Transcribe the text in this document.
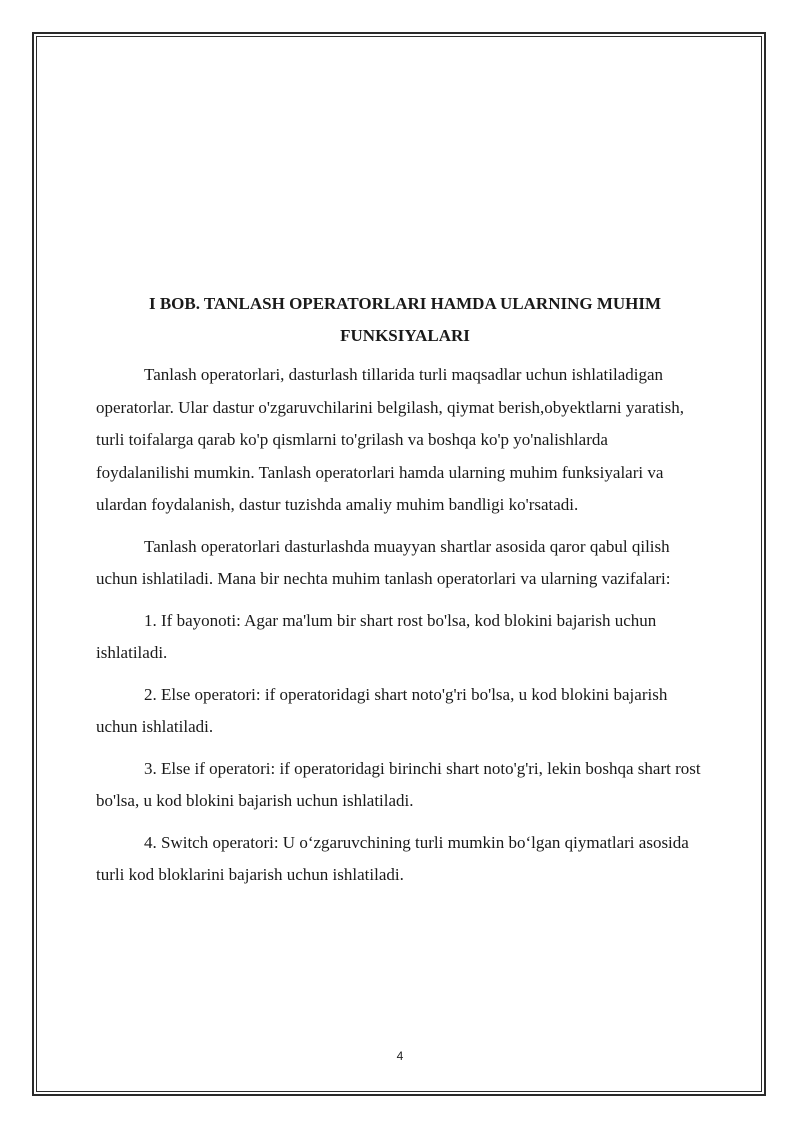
I BOB. TANLASH OPERATORLARI HAMDA ULARNING MUHIM
FUNKSIYALARI

Tanlash operatorlari, dasturlash tillarida turli maqsadlar uchun ishlatiladigan operatorlar. Ular dastur o'zgaruvchilarini belgilash, qiymat berish,obyektlarni yaratish, turli toifalarga qarab ko'p qismlarni to'grilash va boshqa ko'p yo'nalishlarda foydalanilishi mumkin. Tanlash operatorlari hamda ularning muhim funksiyalari va ulardan foydalanish, dastur tuzishda amaliy muhim bandligi ko'rsatadi.

Tanlash operatorlari dasturlashda muayyan shartlar asosida qaror qabul qilish uchun ishlatiladi. Mana bir nechta muhim tanlash operatorlari va ularning vazifalari:

1. If bayonoti: Agar ma'lum bir shart rost bo'lsa, kod blokini bajarish uchun ishlatiladi.

2. Else operatori: if operatoridagi shart noto'g'ri bo'lsa, u kod blokini bajarish uchun ishlatiladi.

3. Else if operatori: if operatoridagi birinchi shart noto'g'ri, lekin boshqa shart rost bo'lsa, u kod blokini bajarish uchun ishlatiladi.

4. Switch operatori: U oʻzgaruvchining turli mumkin boʻlgan qiymatlari asosida turli kod bloklarini bajarish uchun ishlatiladi.

4
